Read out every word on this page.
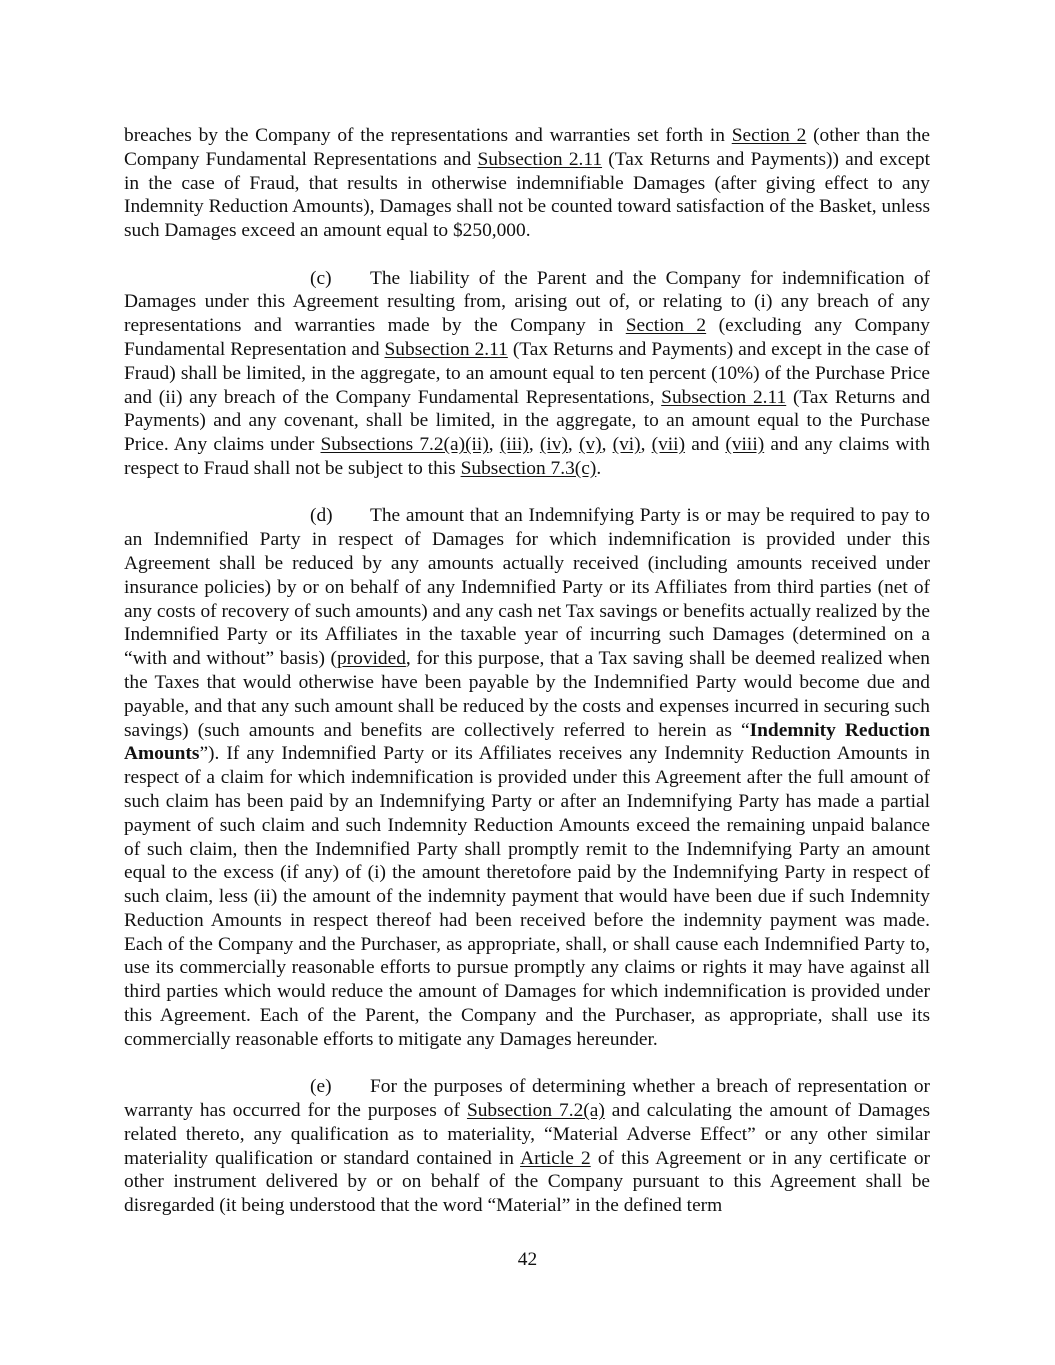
breaches by the Company of the representations and warranties set forth in Section 2 (other than the Company Fundamental Representations and Subsection 2.11 (Tax Returns and Payments)) and except in the case of Fraud, that results in otherwise indemnifiable Damages (after giving effect to any Indemnity Reduction Amounts), Damages shall not be counted toward satisfaction of the Basket, unless such Damages exceed an amount equal to $250,000.

(c) The liability of the Parent and the Company for indemnification of Damages under this Agreement resulting from, arising out of, or relating to (i) any breach of any representations and warranties made by the Company in Section 2 (excluding any Company Fundamental Representation and Subsection 2.11 (Tax Returns and Payments) and except in the case of Fraud) shall be limited, in the aggregate, to an amount equal to ten percent (10%) of the Purchase Price and (ii) any breach of the Company Fundamental Representations, Subsection 2.11 (Tax Returns and Payments) and any covenant, shall be limited, in the aggregate, to an amount equal to the Purchase Price. Any claims under Subsections 7.2(a)(ii), (iii), (iv), (v), (vi), (vii) and (viii) and any claims with respect to Fraud shall not be subject to this Subsection 7.3(c).

(d) The amount that an Indemnifying Party is or may be required to pay to an Indemnified Party in respect of Damages for which indemnification is provided under this Agreement shall be reduced by any amounts actually received (including amounts received under insurance policies) by or on behalf of any Indemnified Party or its Affiliates from third parties (net of any costs of recovery of such amounts) and any cash net Tax savings or benefits actually realized by the Indemnified Party or its Affiliates in the taxable year of incurring such Damages (determined on a “with and without” basis) (provided, for this purpose, that a Tax saving shall be deemed realized when the Taxes that would otherwise have been payable by the Indemnified Party would become due and payable, and that any such amount shall be reduced by the costs and expenses incurred in securing such savings) (such amounts and benefits are collectively referred to herein as “Indemnity Reduction Amounts”). If any Indemnified Party or its Affiliates receives any Indemnity Reduction Amounts in respect of a claim for which indemnification is provided under this Agreement after the full amount of such claim has been paid by an Indemnifying Party or after an Indemnifying Party has made a partial payment of such claim and such Indemnity Reduction Amounts exceed the remaining unpaid balance of such claim, then the Indemnified Party shall promptly remit to the Indemnifying Party an amount equal to the excess (if any) of (i) the amount theretofore paid by the Indemnifying Party in respect of such claim, less (ii) the amount of the indemnity payment that would have been due if such Indemnity Reduction Amounts in respect thereof had been received before the indemnity payment was made. Each of the Company and the Purchaser, as appropriate, shall, or shall cause each Indemnified Party to, use its commercially reasonable efforts to pursue promptly any claims or rights it may have against all third parties which would reduce the amount of Damages for which indemnification is provided under this Agreement. Each of the Parent, the Company and the Purchaser, as appropriate, shall use its commercially reasonable efforts to mitigate any Damages hereunder.

(e) For the purposes of determining whether a breach of representation or warranty has occurred for the purposes of Subsection 7.2(a) and calculating the amount of Damages related thereto, any qualification as to materiality, “Material Adverse Effect” or any other similar materiality qualification or standard contained in Article 2 of this Agreement or in any certificate or other instrument delivered by or on behalf of the Company pursuant to this Agreement shall be disregarded (it being understood that the word “Material” in the defined term

42
